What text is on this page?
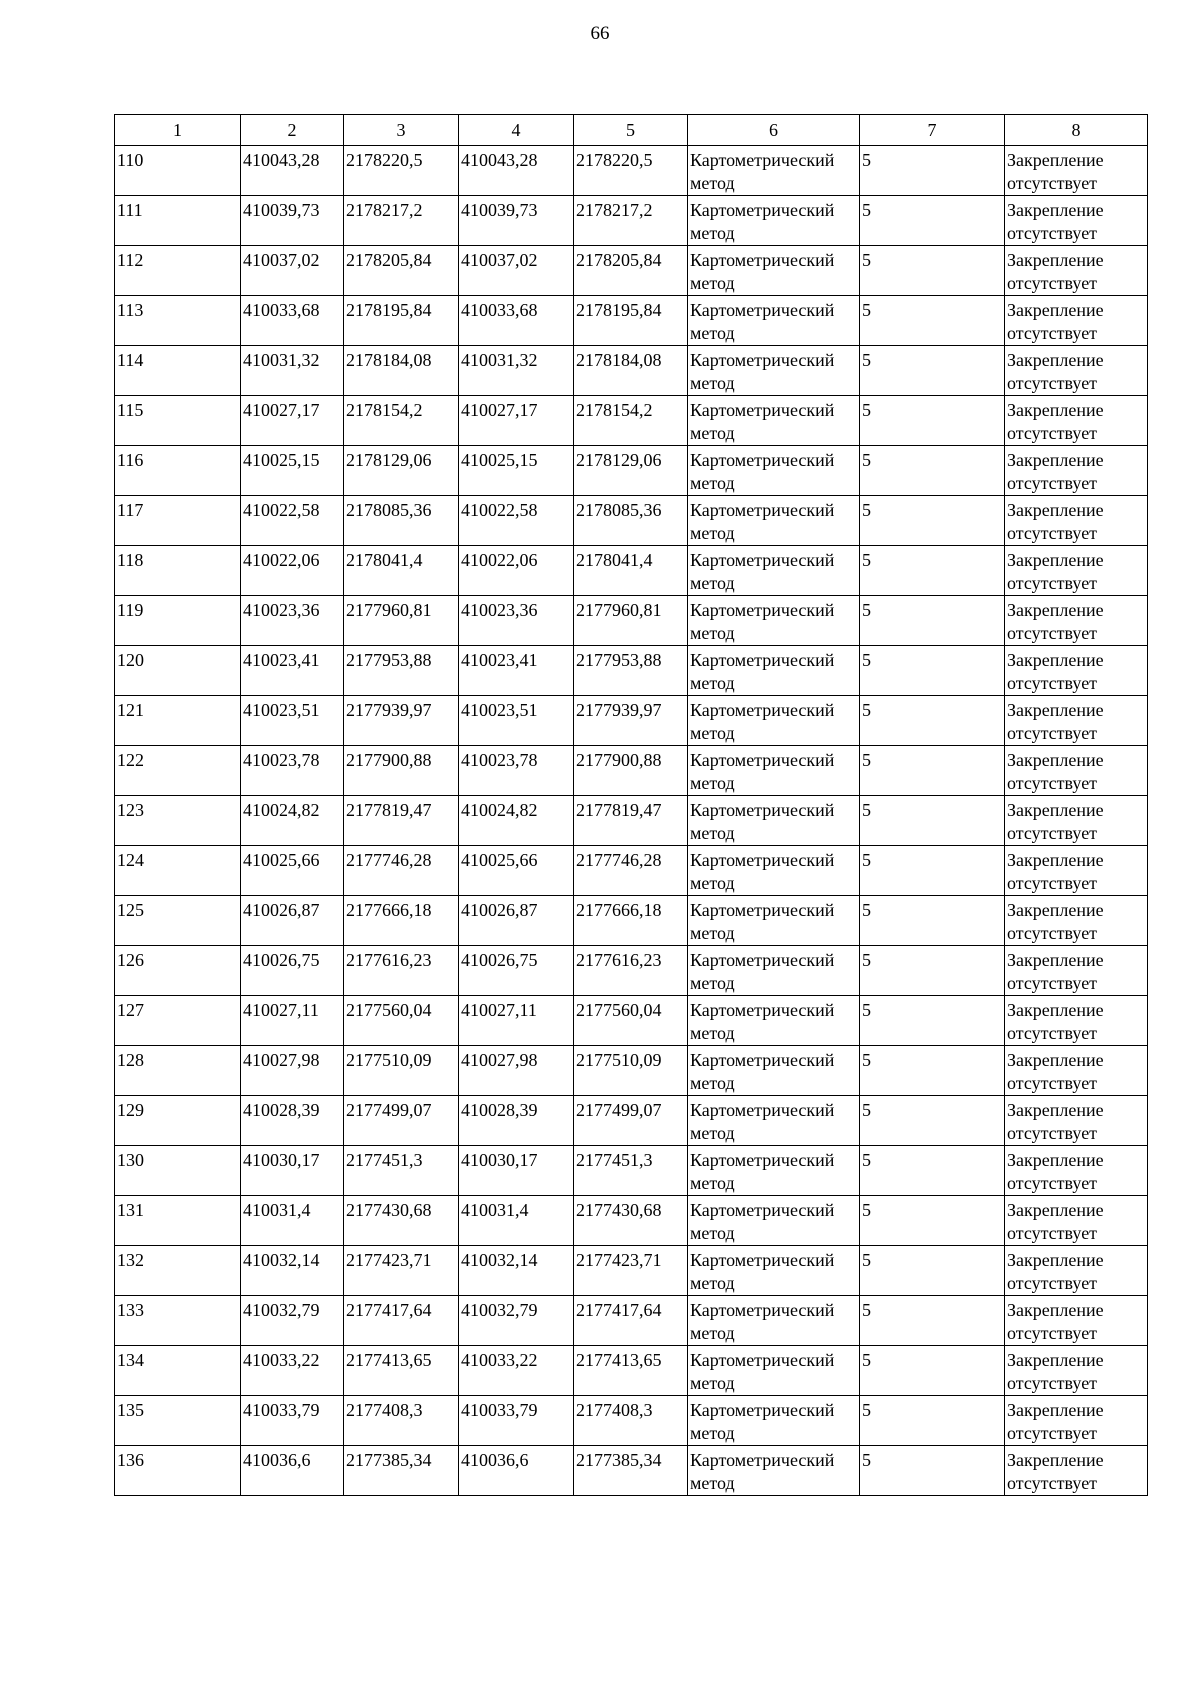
66
1	2	3	4	5	6	7	8
110	410043,28	2178220,5	410043,28	2178220,5	Картометрический метод	5	Закрепление отсутствует
111	410039,73	2178217,2	410039,73	2178217,2	Картометрический метод	5	Закрепление отсутствует
112	410037,02	2178205,84	410037,02	2178205,84	Картометрический метод	5	Закрепление отсутствует
113	410033,68	2178195,84	410033,68	2178195,84	Картометрический метод	5	Закрепление отсутствует
114	410031,32	2178184,08	410031,32	2178184,08	Картометрический метод	5	Закрепление отсутствует
115	410027,17	2178154,2	410027,17	2178154,2	Картометрический метод	5	Закрепление отсутствует
116	410025,15	2178129,06	410025,15	2178129,06	Картометрический метод	5	Закрепление отсутствует
117	410022,58	2178085,36	410022,58	2178085,36	Картометрический метод	5	Закрепление отсутствует
118	410022,06	2178041,4	410022,06	2178041,4	Картометрический метод	5	Закрепление отсутствует
119	410023,36	2177960,81	410023,36	2177960,81	Картометрический метод	5	Закрепление отсутствует
120	410023,41	2177953,88	410023,41	2177953,88	Картометрический метод	5	Закрепление отсутствует
121	410023,51	2177939,97	410023,51	2177939,97	Картометрический метод	5	Закрепление отсутствует
122	410023,78	2177900,88	410023,78	2177900,88	Картометрический метод	5	Закрепление отсутствует
123	410024,82	2177819,47	410024,82	2177819,47	Картометрический метод	5	Закрепление отсутствует
124	410025,66	2177746,28	410025,66	2177746,28	Картометрический метод	5	Закрепление отсутствует
125	410026,87	2177666,18	410026,87	2177666,18	Картометрический метод	5	Закрепление отсутствует
126	410026,75	2177616,23	410026,75	2177616,23	Картометрический метод	5	Закрепление отсутствует
127	410027,11	2177560,04	410027,11	2177560,04	Картометрический метод	5	Закрепление отсутствует
128	410027,98	2177510,09	410027,98	2177510,09	Картометрический метод	5	Закрепление отсутствует
129	410028,39	2177499,07	410028,39	2177499,07	Картометрический метод	5	Закрепление отсутствует
130	410030,17	2177451,3	410030,17	2177451,3	Картометрический метод	5	Закрепление отсутствует
131	410031,4	2177430,68	410031,4	2177430,68	Картометрический метод	5	Закрепление отсутствует
132	410032,14	2177423,71	410032,14	2177423,71	Картометрический метод	5	Закрепление отсутствует
133	410032,79	2177417,64	410032,79	2177417,64	Картометрический метод	5	Закрепление отсутствует
134	410033,22	2177413,65	410033,22	2177413,65	Картометрический метод	5	Закрепление отсутствует
135	410033,79	2177408,3	410033,79	2177408,3	Картометрический метод	5	Закрепление отсутствует
136	410036,6	2177385,34	410036,6	2177385,34	Картометрический метод	5	Закрепление отсутствует
